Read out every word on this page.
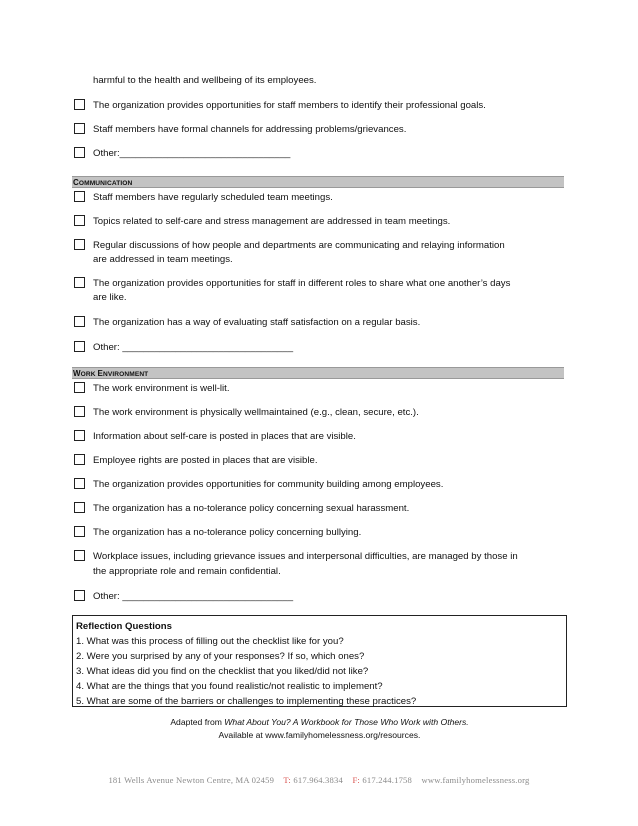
harmful to the health and wellbeing of its employees.
The organization provides opportunities for staff members to identify their professional goals.
Staff members have formal channels for addressing problems/grievances.
Other:________________________________
COMMUNICATION
Staff members have regularly scheduled team meetings.
Topics related to self-care and stress management are addressed in team meetings.
Regular discussions of how people and departments are communicating and relaying information
are addressed in team meetings.
The organization provides opportunities for staff in different roles to share what one another’s days
are like.
The organization has a way of evaluating staff satisfaction on a regular basis.
Other: ________________________________
WORK ENVIRONMENT
The work environment is well-lit.
The work environment is physically wellmaintained (e.g., clean, secure, etc.).
Information about self-care is posted in places that are visible.
Employee rights are posted in places that are visible.
The organization provides opportunities for community building among employees.
The organization has a no-tolerance policy concerning sexual harassment.
The organization has a no-tolerance policy concerning bullying.
Workplace issues, including grievance issues and interpersonal difficulties, are managed by those in
the appropriate role and remain confidential.
Other: ________________________________
Reflection Questions
1. What was this process of filling out the checklist like for you?
2. Were you surprised by any of your responses? If so, which ones?
3. What ideas did you find on the checklist that you liked/did not like?
4. What are the things that you found realistic/not realistic to implement?
5. What are some of the barriers or challenges to implementing these practices?
Adapted from What About You? A Workbook for Those Who Work with Others.
Available at www.familyhomelessness.org/resources.
181 Wells Avenue Newton Centre, MA 02459 T: 617.964.3834 F: 617.244.1758 www.familyhomelessness.org
